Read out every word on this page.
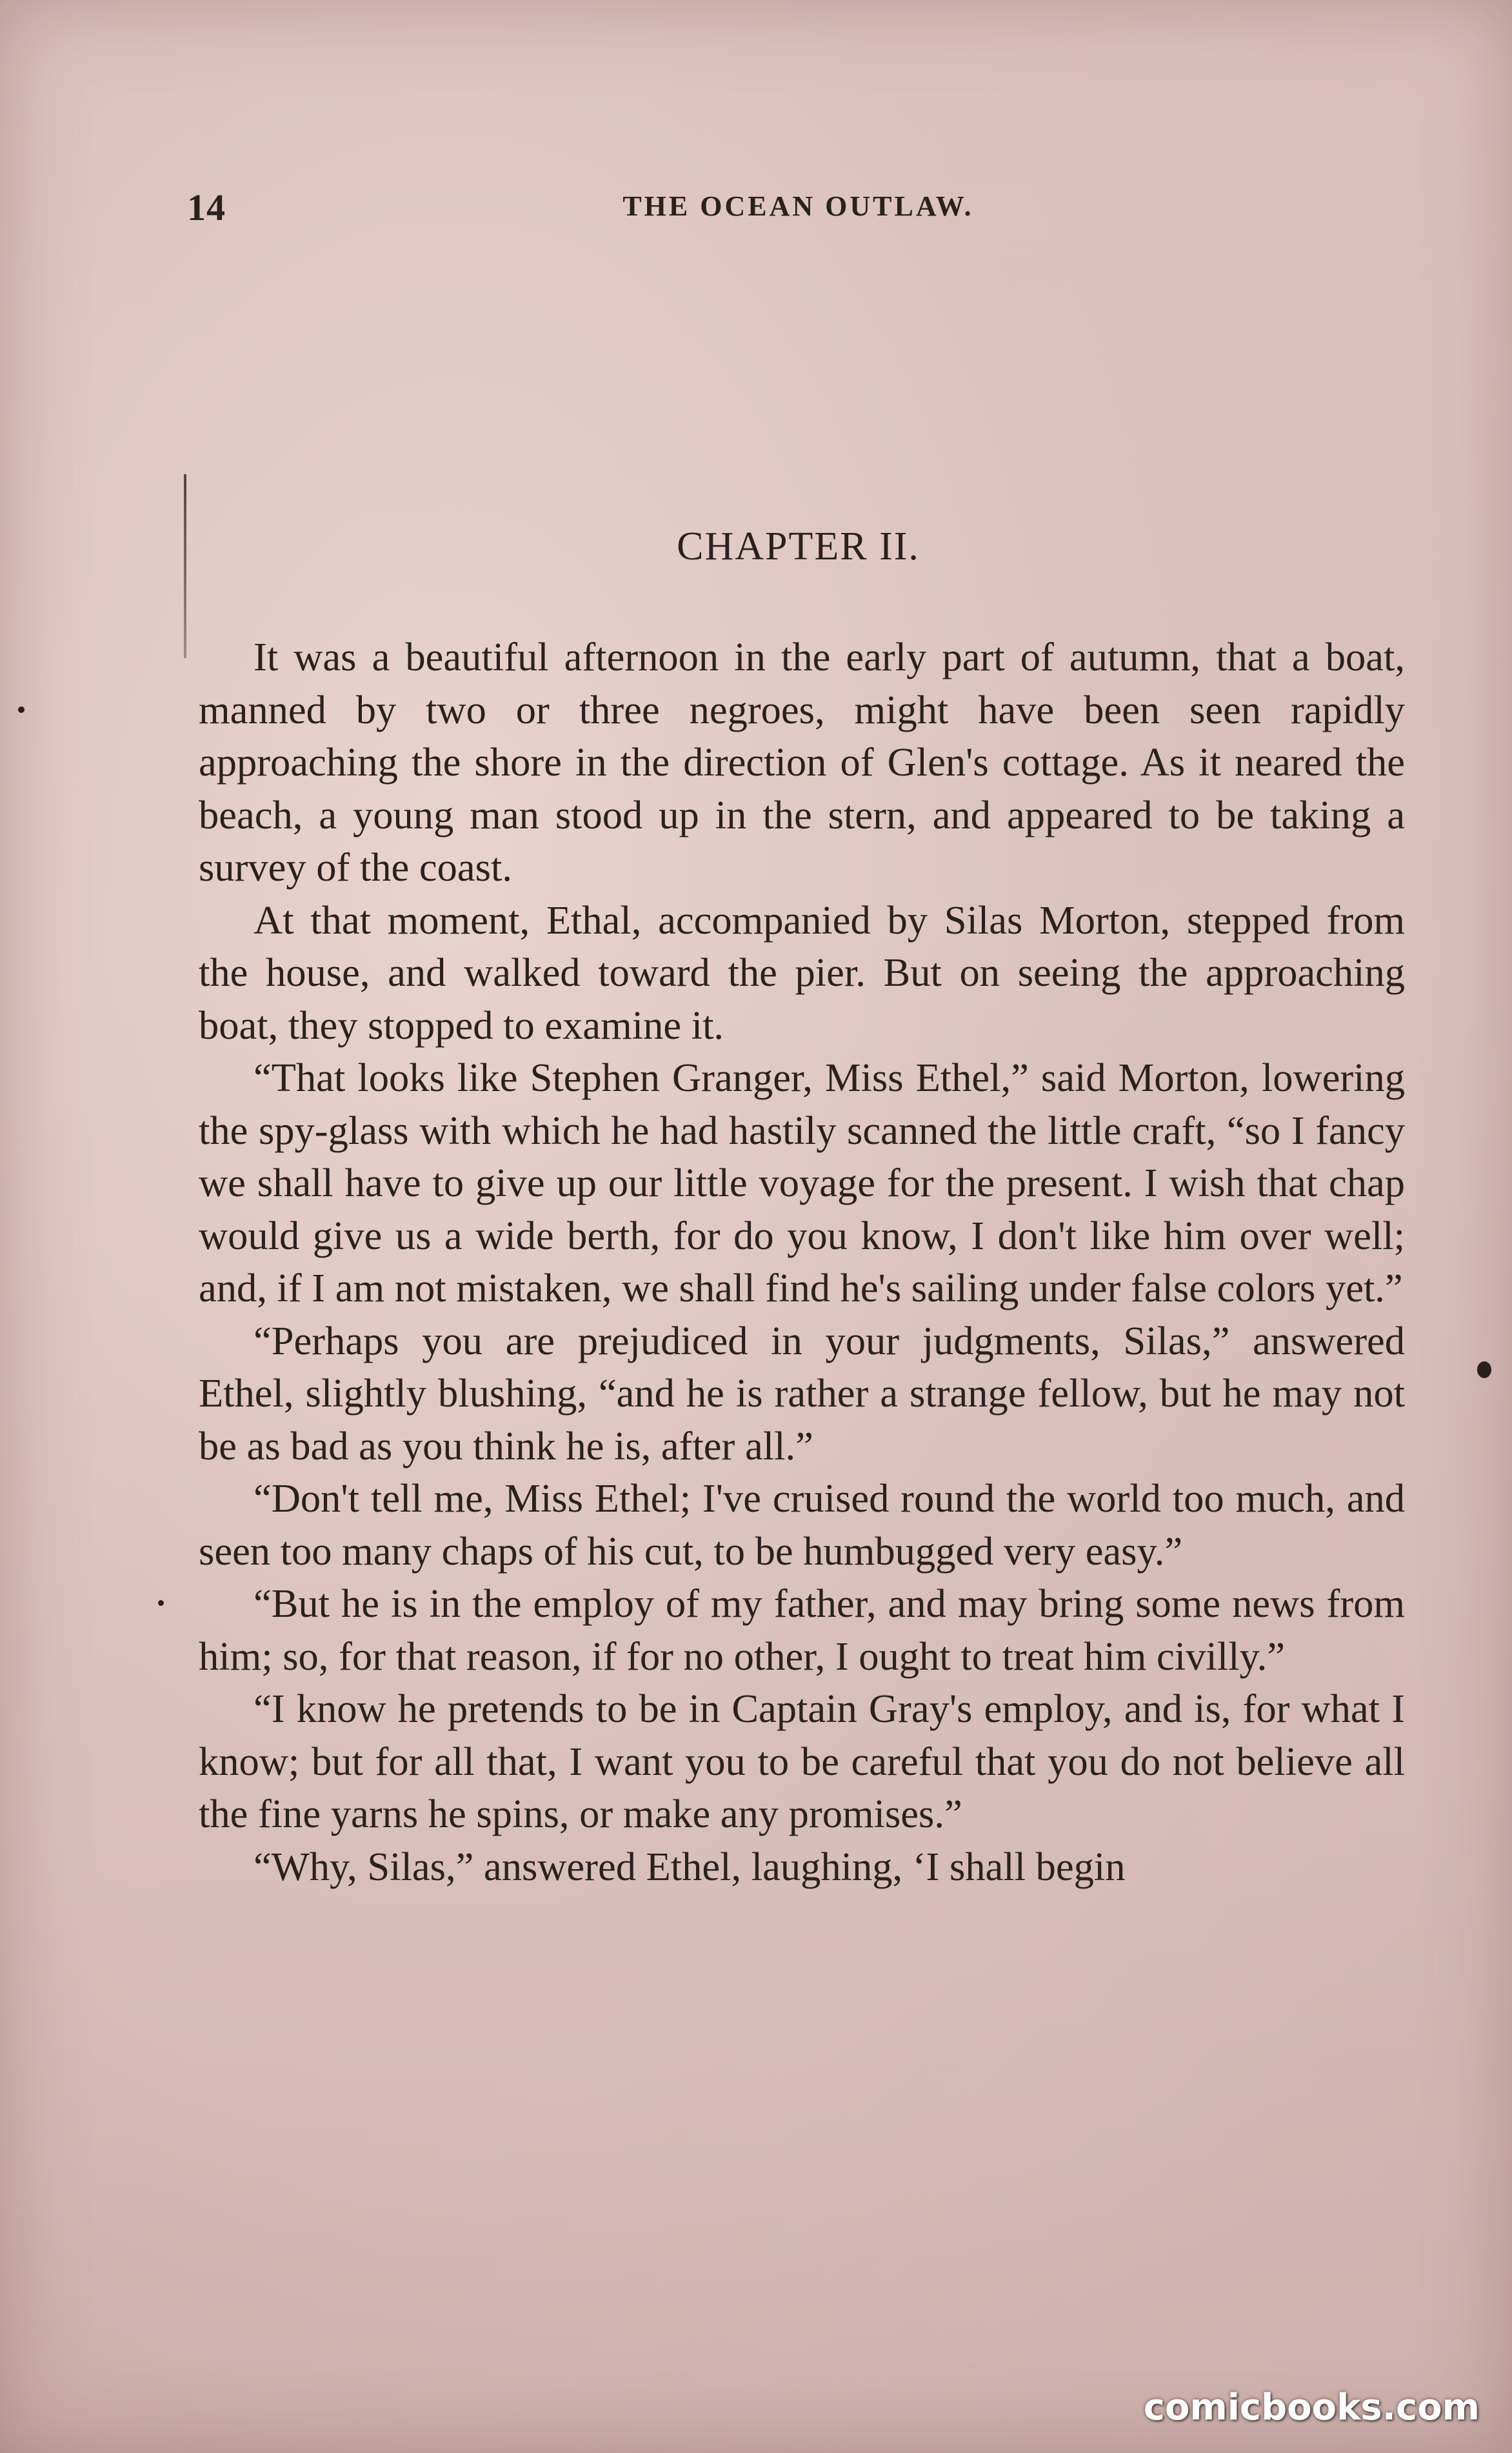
14	THE OCEAN OUTLAW.
CHAPTER II.

It was a beautiful afternoon in the early part of autumn, that a boat, manned by two or three negroes, might have been seen rapidly approaching the shore in the direction of Glen's cottage. As it neared the beach, a young man stood up in the stern, and appeared to be taking a survey of the coast.

At that moment, Ethal, accompanied by Silas Morton, stepped from the house, and walked toward the pier. But on seeing the approaching boat, they stopped to examine it.

“That looks like Stephen Granger, Miss Ethel,” said Morton, lowering the spy-glass with which he had hastily scanned the little craft, “so I fancy we shall have to give up our little voyage for the present. I wish that chap would give us a wide berth, for do you know, I don't like him over well; and, if I am not mistaken, we shall find he's sailing under false colors yet.”

“Perhaps you are prejudiced in your judgments, Silas,” answered Ethel, slightly blushing, “and he is rather a strange fellow, but he may not be as bad as you think he is, after all.”

“Don't tell me, Miss Ethel; I've cruised round the world too much, and seen too many chaps of his cut, to be humbugged very easy.”

“But he is in the employ of my father, and may bring some news from him; so, for that reason, if for no other, I ought to treat him civilly.”

“I know he pretends to be in Captain Gray's employ, and is, for what I know; but for all that, I want you to be careful that you do not believe all the fine yarns he spins, or make any promises.”

“Why, Silas,” answered Ethel, laughing, ‘I shall begin

comicbooks.com
